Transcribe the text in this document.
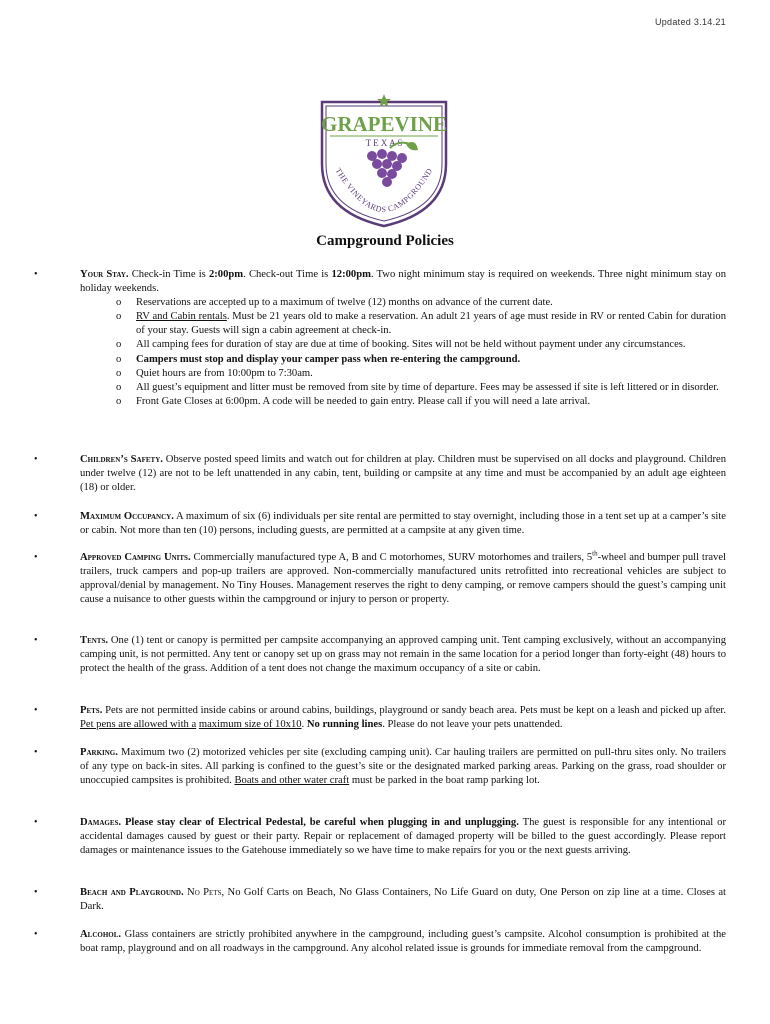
Updated 3.14.21
GRAPEVINE
T E X A S
THE VINEYARDS CAMPGROUND
Campground Policies
•	Your Stay. Check-in Time is 2:00pm. Check-out Time is 12:00pm. Two night minimum stay is required on weekends. Three night minimum stay on holiday weekends.
o Reservations are accepted up to a maximum of twelve (12) months on advance of the current date.
o RV and Cabin rentals. Must be 21 years old to make a reservation. An adult 21 years of age must reside in RV or rented Cabin for duration of your stay. Guests will sign a cabin agreement at check-in.
o All camping fees for duration of stay are due at time of booking. Sites will not be held without payment under any circumstances.
o Campers must stop and display your camper pass when re-entering the campground.
o Quiet hours are from 10:00pm to 7:30am.
o All guest’s equipment and litter must be removed from site by time of departure. Fees may be assessed if site is left littered or in disorder.
o Front Gate Closes at 6:00pm. A code will be needed to gain entry. Please call if you will need a late arrival.
•	Children’s Safety. Observe posted speed limits and watch out for children at play. Children must be supervised on all docks and playground. Children under twelve (12) are not to be left unattended in any cabin, tent, building or campsite at any time and must be accompanied by an adult age eighteen (18) or older.
•	Maximum Occupancy. A maximum of six (6) individuals per site rental are permitted to stay overnight, including those in a tent set up at a camper’s site or cabin. Not more than ten (10) persons, including guests, are permitted at a campsite at any given time.
•	Approved Camping Units. Commercially manufactured type A, B and C motorhomes, SURV motorhomes and trailers, 5th-wheel and bumper pull travel trailers, truck campers and pop-up trailers are approved. Non-commercially manufactured units retrofitted into recreational vehicles are subject to approval/denial by management. No Tiny Houses. Management reserves the right to deny camping, or remove campers should the guest’s camping unit cause a nuisance to other guests within the campground or injury to person or property.
•	Tents. One (1) tent or canopy is permitted per campsite accompanying an approved camping unit. Tent camping exclusively, without an accompanying camping unit, is not permitted. Any tent or canopy set up on grass may not remain in the same location for a period longer than forty-eight (48) hours to protect the health of the grass. Addition of a tent does not change the maximum occupancy of a site or cabin.
•	Pets. Pets are not permitted inside cabins or around cabins, buildings, playground or sandy beach area. Pets must be kept on a leash and picked up after. Pet pens are allowed with a maximum size of 10x10. No running lines. Please do not leave your pets unattended.
•	Parking. Maximum two (2) motorized vehicles per site (excluding camping unit). Car hauling trailers are permitted on pull-thru sites only. No trailers of any type on back-in sites. All parking is confined to the guest’s site or the designated marked parking areas. Parking on the grass, road shoulder or unoccupied campsites is prohibited. Boats and other water craft must be parked in the boat ramp parking lot.
•	Damages. Please stay clear of Electrical Pedestal, be careful when plugging in and unplugging. The guest is responsible for any intentional or accidental damages caused by guest or their party. Repair or replacement of damaged property will be billed to the guest accordingly. Please report damages or maintenance issues to the Gatehouse immediately so we have time to make repairs for you or the next guests arriving.
•	Beach and Playground. No Pets, No Golf Carts on Beach, No Glass Containers, No Life Guard on duty, One Person on zip line at a time. Closes at Dark.
•	Alcohol. Glass containers are strictly prohibited anywhere in the campground, including guest’s campsite. Alcohol consumption is prohibited at the boat ramp, playground and on all roadways in the campground. Any alcohol related issue is grounds for immediate removal from the campground.
